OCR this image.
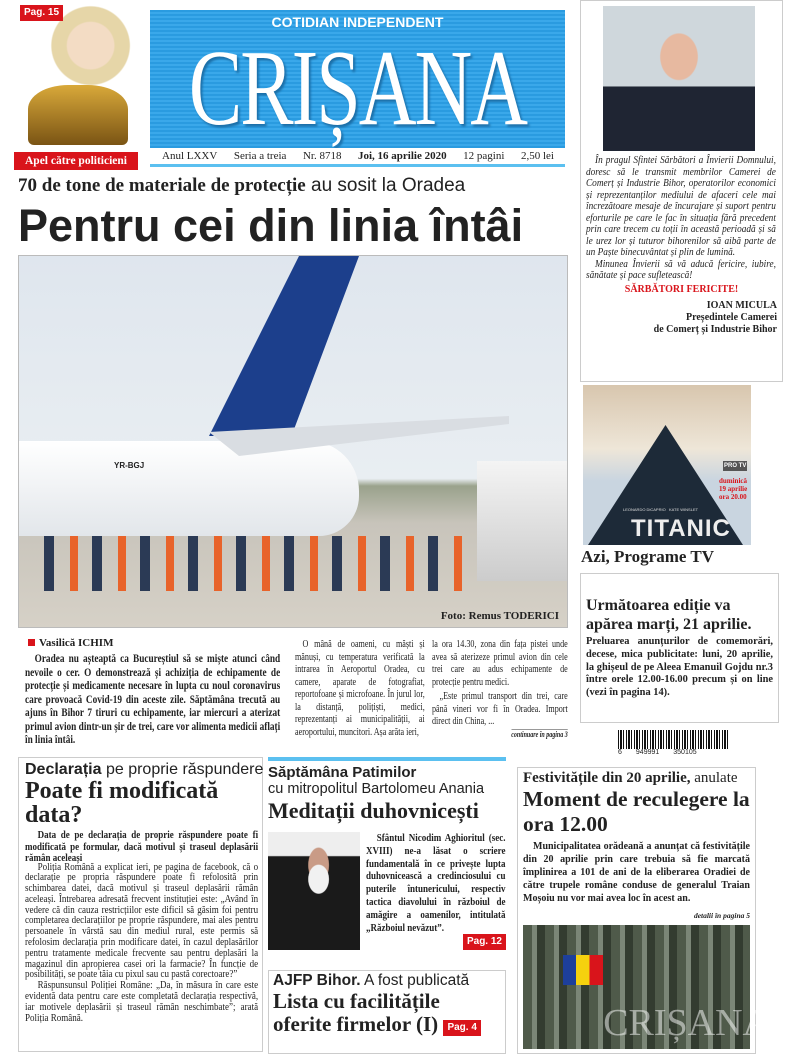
Pag. 15
Apel către politicieni
COTIDIAN INDEPENDENT
CRIȘANA
Anul LXXV Seria a treia Nr. 8718 Joi, 16 aprilie 2020 12 pagini 2,50 lei
70 de tone de materiale de protecție au sosit la Oradea
Pentru cei din linia întâi
YR-BGJ
Foto: Remus TODERICI
Vasilică ICHIM
Oradea nu așteaptă ca Bucureștiul să se miște atunci când nevoile o cer. O demonstrează și achiziția de echipamente de protecție și medicamente necesare în lupta cu noul coronavirus care provoacă Covid-19 din aceste zile. Săptămâna trecută au ajuns în Bihor 7 tiruri cu echipamente, iar miercuri a aterizat primul avion dintr-un șir de trei, care vor alimenta medicii aflați în linia întâi.
O mână de oameni, cu măști și mănuși, cu temperatura verificată la intrarea în Aeroportul Oradea, cu camere, aparate de fotografiat, reportofoane și microfoane. În jurul lor, la distanță, polițiști, medici, reprezentanți ai municipalității, ai aeroportului, muncitori. Așa arăta ieri,
la ora 14.30, zona din fața pistei unde avea să aterizeze primul avion din cele trei care au adus echipamente de protecție pentru medici.
„Este primul transport din trei, care până vineri vor fi în Oradea. Import direct din China, ...
continuare în pagina 3
În pragul Sfintei Sărbători a Învierii Domnului, doresc să le transmit membrilor Camerei de Comerț și Industrie Bihor, operatorilor economici și reprezentanților mediului de afaceri cele mai încrezătoare mesaje de încurajare și suport pentru eforturile pe care le fac în situația fără precedent prin care trecem cu toții în această perioadă și să le urez lor și tuturor bihorenilor să aibă parte de un Paște binecuvântat și plin de lumină.
Minunea Învierii să vă aducă fericire, iubire, sănătate și pace sufletească!
SĂRBĂTORI FERICITE!
IOAN MICULA
Președintele Camerei
de Comerț și Industrie Bihor
LEONARDO DiCAPRIO   KATE WINSLET
TITANIC
PRO TV
duminică 19 aprilie ora 20.00
Azi, Programe TV
Următoarea ediție va apărea marți, 21 aprilie.
Preluarea anunțurilor de comemorări, decese, mica publicitate: luni, 20 aprilie, la ghișeul de pe Aleea Emanuil Gojdu nr.3 între orele 12.00-16.00 precum și on line (vezi în pagina 14).
6 949991 350105
Declarația pe proprie răspundere
Poate fi modificată data?
Data de pe declarația de proprie răspundere poate fi modificată pe formular, dacă motivul și traseul deplasării rămân aceleași
Poliția Română a explicat ieri, pe pagina de facebook, că o declarație pe propria răspundere poate fi refolosită prin schimbarea datei, dacă motivul și traseul deplasării rămân aceleași. Întrebarea adresată frecvent instituției este: „Având în vedere că din cauza restricțiilor este dificil să găsim foi pentru completarea declarațiilor pe proprie răspundere, mai ales pentru persoanele în vârstă sau din mediul rural, este permis să refolosim declarația prin modificare datei, în cazul deplasărilor pentru tratamente medicale frecvente sau pentru deplasări la magazinul din apropierea casei ori la farmacie? În funcție de posibilități, se poate tăia cu pixul sau cu pastă corectoare?”
Răspunsunsul Poliției Române: „Da, în măsura în care este evidentă data pentru care este completată declarația respectivă, iar motivele deplasării și traseul rămân neschimbate”; arată Poliția Română.
Săptămâna Patimilor
cu mitropolitul Bartolomeu Anania
Meditații duhovnicești
Sfântul Nicodim Aghioritul (sec. XVIII) ne-a lăsat o scriere fundamentală în ce privește lupta duhovnicească a credinciosului cu puterile întunericului, respectiv tactica diavolului în războiul de amăgire a oamenilor, intitulată „Războiul nevăzut”.
Pag. 12
AJFP Bihor. A fost publicată
Lista cu facilitățile oferite firmelor (I) Pag. 4
Festivitățile din 20 aprilie, anulate
Moment de reculegere la ora 12.00
Municipalitatea orădeană a anunțat că festivitățile din 20 aprilie prin care trebuia să fie marcată împlinirea a 101 de ani de la eliberarea Oradiei de către trupele române conduse de generalul Traian Moșoiu nu vor mai avea loc în acest an.
detalii în pagina 5
CRIȘANA
